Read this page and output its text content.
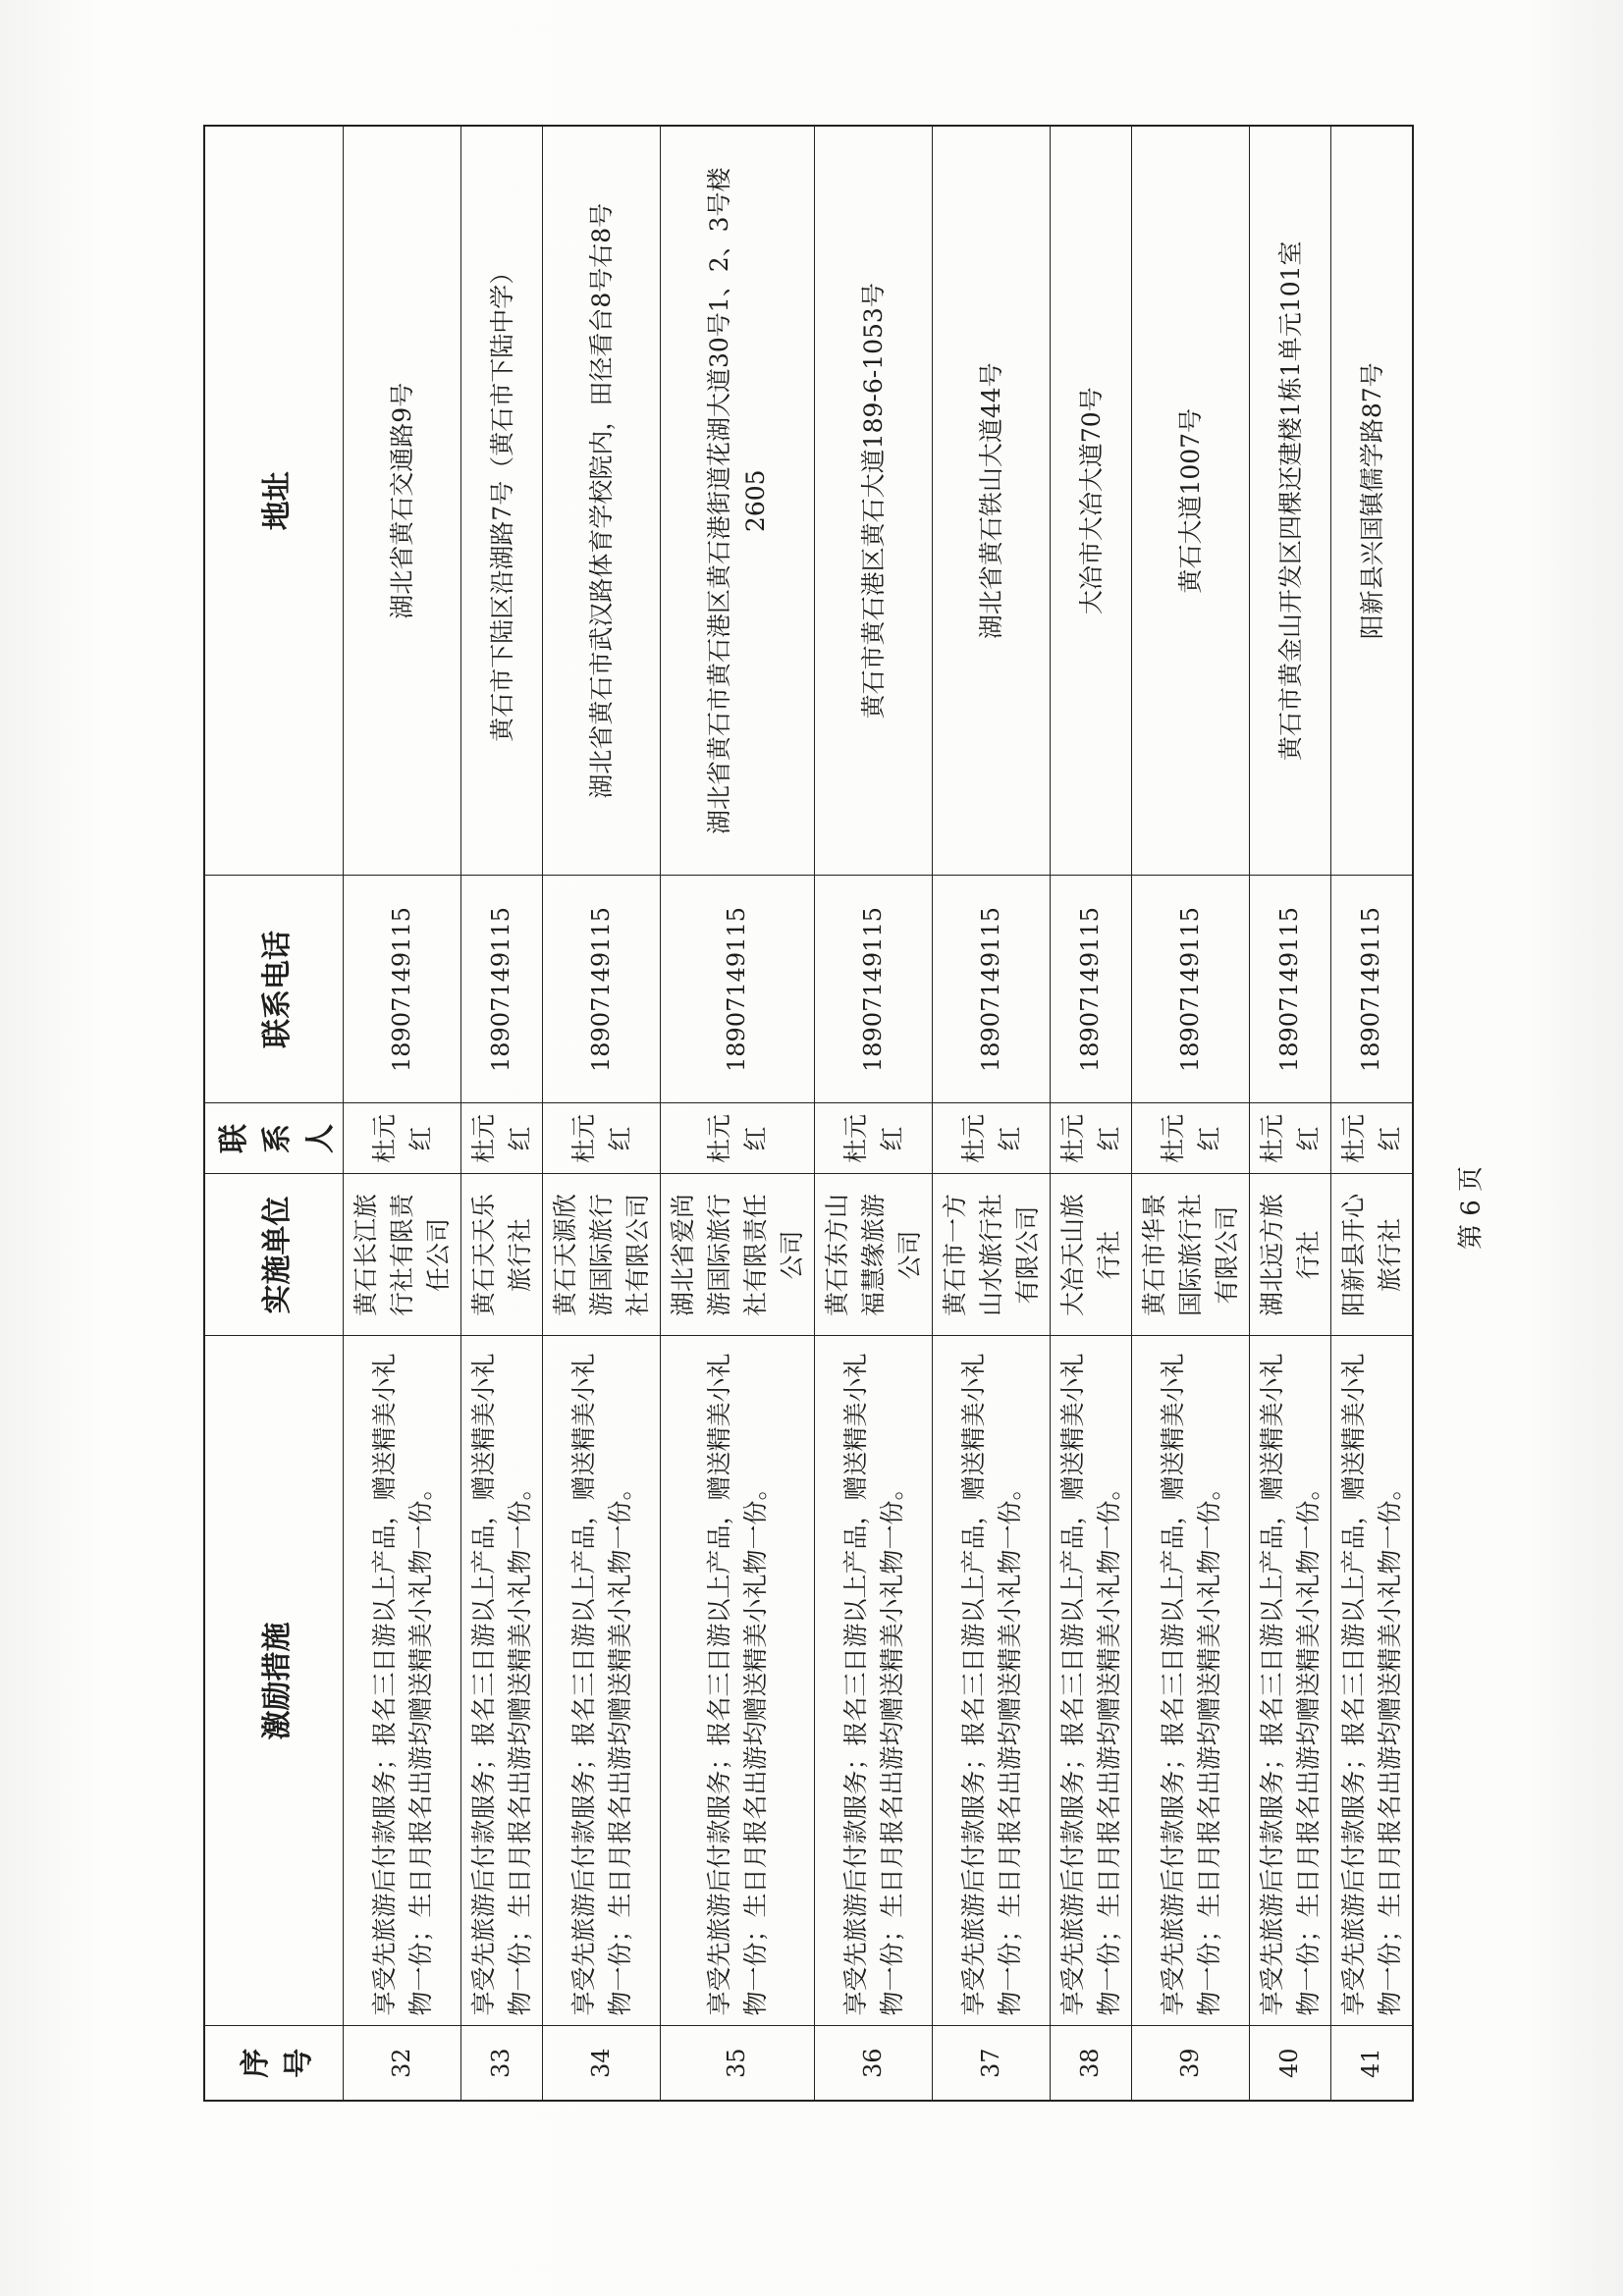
序号	激励措施	实施单位	联系人	联系电话	地址
32	享受先旅游后付款服务；报名三日游以上产品，赠送精美小礼物一份；生日月报名出游均赠送精美小礼物一份。	黄石长江旅行社有限责任公司	杜元红	18907149115	湖北省黄石交通路9号
33	享受先旅游后付款服务；报名三日游以上产品，赠送精美小礼物一份；生日月报名出游均赠送精美小礼物一份。	黄石天天乐旅行社	杜元红	18907149115	黄石市下陆区沿湖路7号（黄石市下陆中学）
34	享受先旅游后付款服务；报名三日游以上产品，赠送精美小礼物一份；生日月报名出游均赠送精美小礼物一份。	黄石天源欣游国际旅行社有限公司	杜元红	18907149115	湖北省黄石市武汉路体育学校院内，田径看台8号右8号
35	享受先旅游后付款服务；报名三日游以上产品，赠送精美小礼物一份；生日月报名出游均赠送精美小礼物一份。	湖北省爱尚游国际旅行社有限责任公司	杜元红	18907149115	湖北省黄石市黄石港区黄石港街道花湖大道30号1、2、3号楼2605
36	享受先旅游后付款服务；报名三日游以上产品，赠送精美小礼物一份；生日月报名出游均赠送精美小礼物一份。	黄石东方山福慧缘旅游公司	杜元红	18907149115	黄石市黄石港区黄石大道189-6-1053号
37	享受先旅游后付款服务；报名三日游以上产品，赠送精美小礼物一份；生日月报名出游均赠送精美小礼物一份。	黄石市一方山水旅行社有限公司	杜元红	18907149115	湖北省黄石铁山大道44号
38	享受先旅游后付款服务；报名三日游以上产品，赠送精美小礼物一份；生日月报名出游均赠送精美小礼物一份。	大冶天山旅行社	杜元红	18907149115	大冶市大冶大道70号
39	享受先旅游后付款服务；报名三日游以上产品，赠送精美小礼物一份；生日月报名出游均赠送精美小礼物一份。	黄石市华景国际旅行社有限公司	杜元红	18907149115	黄石大道1007号
40	享受先旅游后付款服务；报名三日游以上产品，赠送精美小礼物一份；生日月报名出游均赠送精美小礼物一份。	湖北远方旅行社	杜元红	18907149115	黄石市黄金山开发区四棵还建楼1栋1单元101室
41	享受先旅游后付款服务；报名三日游以上产品，赠送精美小礼物一份；生日月报名出游均赠送精美小礼物一份。	阳新县开心旅行社	杜元红	18907149115	阳新县兴国镇儒学路87号
第 6 页
